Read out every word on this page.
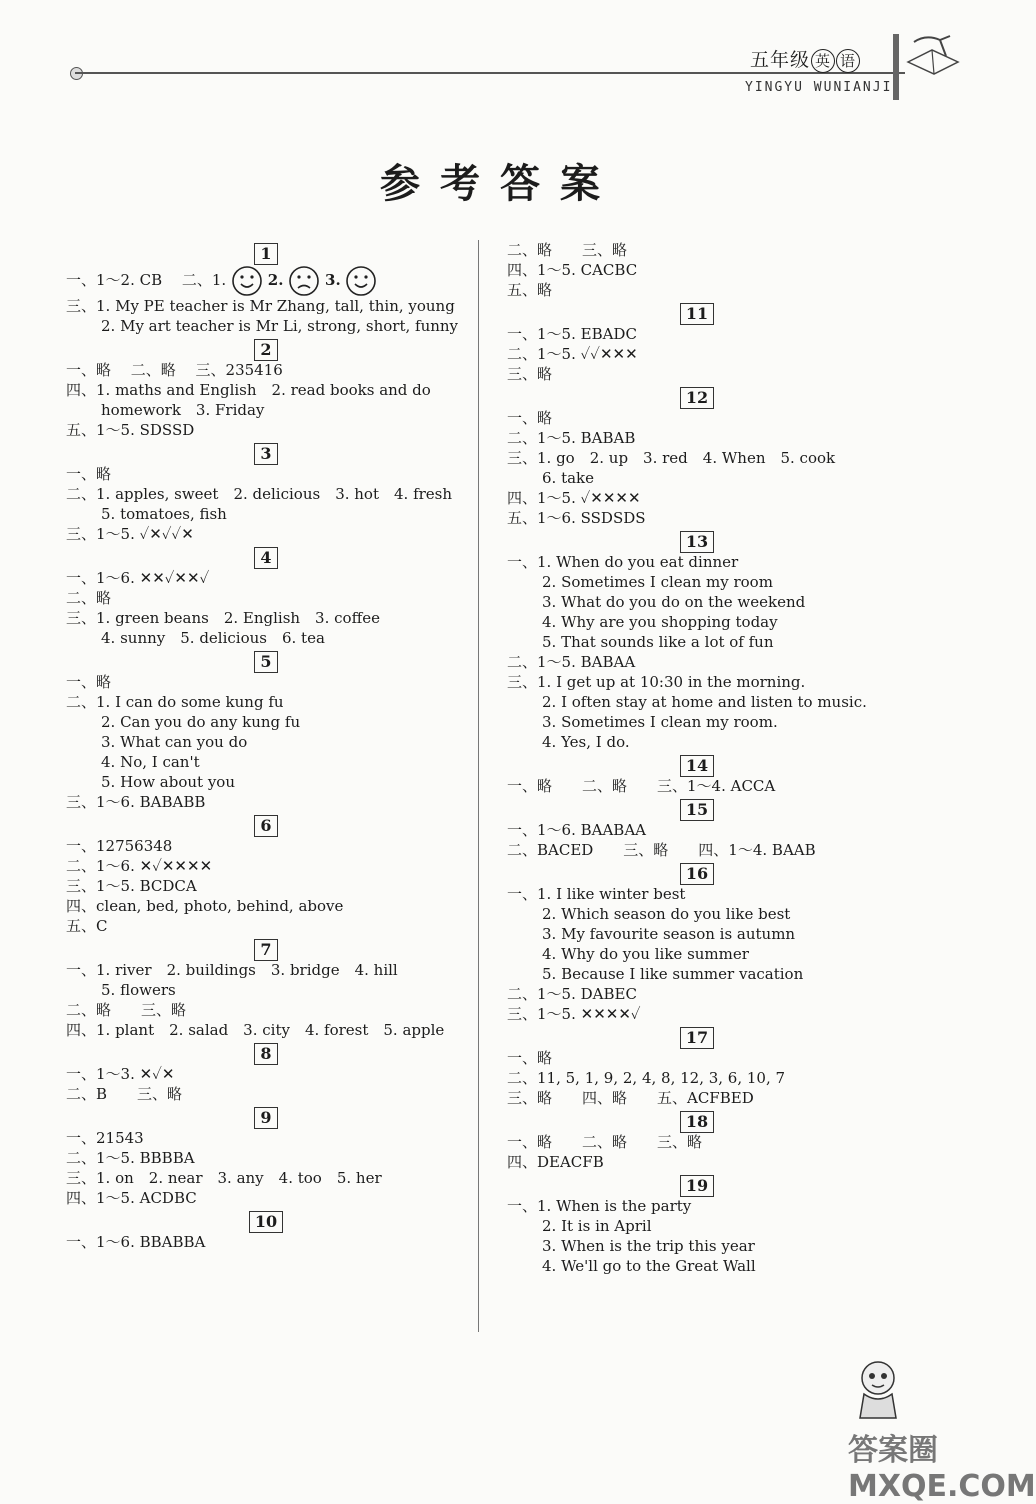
五年级 英 语
YINGYU WUNIANJI
参考答案
1
一、1～2. CB　 二、1.	2.	3.
三、1. My PE teacher is Mr Zhang, tall, thin, young
2. My art teacher is Mr Li, strong, short, funny
2
一、略　 二、略　 三、235416
四、1. maths and English　2. read books and do
homework　3. Friday
五、1～5. SDSSD
3
一、略
二、1. apples, sweet　2. delicious　3. hot　4. fresh
5. tomatoes, fish
三、1～5. ✓✕✓✓✕
4
一、1～6. ✕✕✓✕✕✓
二、略
三、1. green beans　2. English　3. coffee
4. sunny　5. delicious　6. tea
5
一、略
二、1. I can do some kung fu
2. Can you do any kung fu
3. What can you do
4. No, I can't
5. How about you
三、1～6. BABABB
6
一、12756348
二、1～6. ✕✓✕✕✕✕
三、1～5. BCDCA
四、clean, bed, photo, behind, above
五、C
7
一、1. river　2. buildings　3. bridge　4. hill
5. flowers
二、略　　三、略
四、1. plant　2. salad　3. city　4. forest　5. apple
8
一、1～3. ✕✓✕
二、B　　三、略
9
一、21543
二、1～5. BBBBA
三、1. on　2. near　3. any　4. too　5. her
四、1～5. ACDBC
10
一、1～6. BBABBA
二、略　　三、略
四、1～5. CACBC
五、略
11
一、1～5. EBADC
二、1～5. ✓✓✕✕✕
三、略
12
一、略
二、1～5. BABAB
三、1. go　2. up　3. red　4. When　5. cook
6. take
四、1～5. ✓✕✕✕✕
五、1～6. SSDSDS
13
一、1. When do you eat dinner
2. Sometimes I clean my room
3. What do you do on the weekend
4. Why are you shopping today
5. That sounds like a lot of fun
二、1～5. BABAA
三、1. I get up at 10:30 in the morning.
2. I often stay at home and listen to music.
3. Sometimes I clean my room.
4. Yes, I do.
14
一、略　　二、略　　三、1～4. ACCA
15
一、1～6. BAABAA
二、BACED　　三、略　　四、1～4. BAAB
16
一、1. I like winter best
2. Which season do you like best
3. My favourite season is autumn
4. Why do you like summer
5. Because I like summer vacation
二、1～5. DABEC
三、1～5. ✕✕✕✕✓
17
一、略
二、11, 5, 1, 9, 2, 4, 8, 12, 3, 6, 10, 7
三、略　　四、略　　五、ACFBED
18
一、略　　二、略　　三、略
四、DEACFB
19
一、1. When is the party
2. It is in April
3. When is the trip this year
4. We'll go to the Great Wall
答案圈 MXQE.COM
